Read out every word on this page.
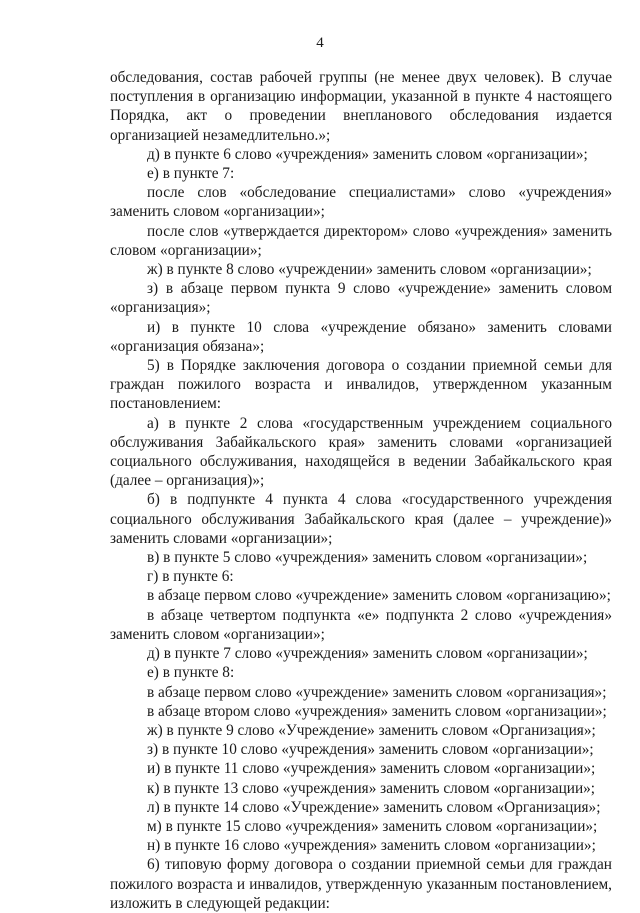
4

обследования, состав рабочей группы (не менее двух человек). В случае поступления в организацию информации, указанной в пункте 4 настоящего Порядка, акт о проведении внепланового обследования издается организацией незамедлительно.»;

д) в пункте 6 слово «учреждения» заменить словом «организации»;

е) в пункте 7:

после слов «обследование специалистами» слово «учреждения» заменить словом «организации»;

после слов «утверждается директором» слово «учреждения» заменить словом «организации»;

ж) в пункте 8 слово «учреждении» заменить словом «организации»;

з) в абзаце первом пункта 9 слово «учреждение» заменить словом «организация»;

и) в пункте 10 слова «учреждение обязано» заменить словами «организация обязана»;

5) в Порядке заключения договора о создании приемной семьи для граждан пожилого возраста и инвалидов, утвержденном указанным постановлением:

а) в пункте 2 слова «государственным учреждением социального обслуживания Забайкальского края» заменить словами «организацией социального обслуживания, находящейся в ведении Забайкальского края (далее – организация)»;

б) в подпункте 4 пункта 4 слова «государственного учреждения социального обслуживания Забайкальского края (далее – учреждение)» заменить словами «организации»;

в) в пункте 5 слово «учреждения» заменить словом «организации»;

г) в пункте 6:

в абзаце первом слово «учреждение» заменить словом «организацию»;

в абзаце четвертом подпункта «е» подпункта 2 слово «учреждения» заменить словом «организации»;

д) в пункте 7 слово «учреждения» заменить словом «организации»;

е) в пункте 8:

в абзаце первом слово «учреждение» заменить словом «организация»;

в абзаце втором слово «учреждения» заменить словом «организации»;

ж) в пункте 9 слово «Учреждение» заменить словом «Организация»;

з) в пункте 10 слово «учреждения» заменить словом «организации»;

и) в пункте 11 слово «учреждения» заменить словом «организации»;

к) в пункте 13 слово «учреждения» заменить словом «организации»;

л) в пункте 14 слово «Учреждение» заменить словом «Организация»;

м) в пункте 15 слово «учреждения» заменить словом «организации»;

н) в пункте 16 слово «учреждения» заменить словом «организации»;

6) типовую форму договора о создании приемной семьи для граждан пожилого возраста и инвалидов, утвержденную указанным постановлением, изложить в следующей редакции:
